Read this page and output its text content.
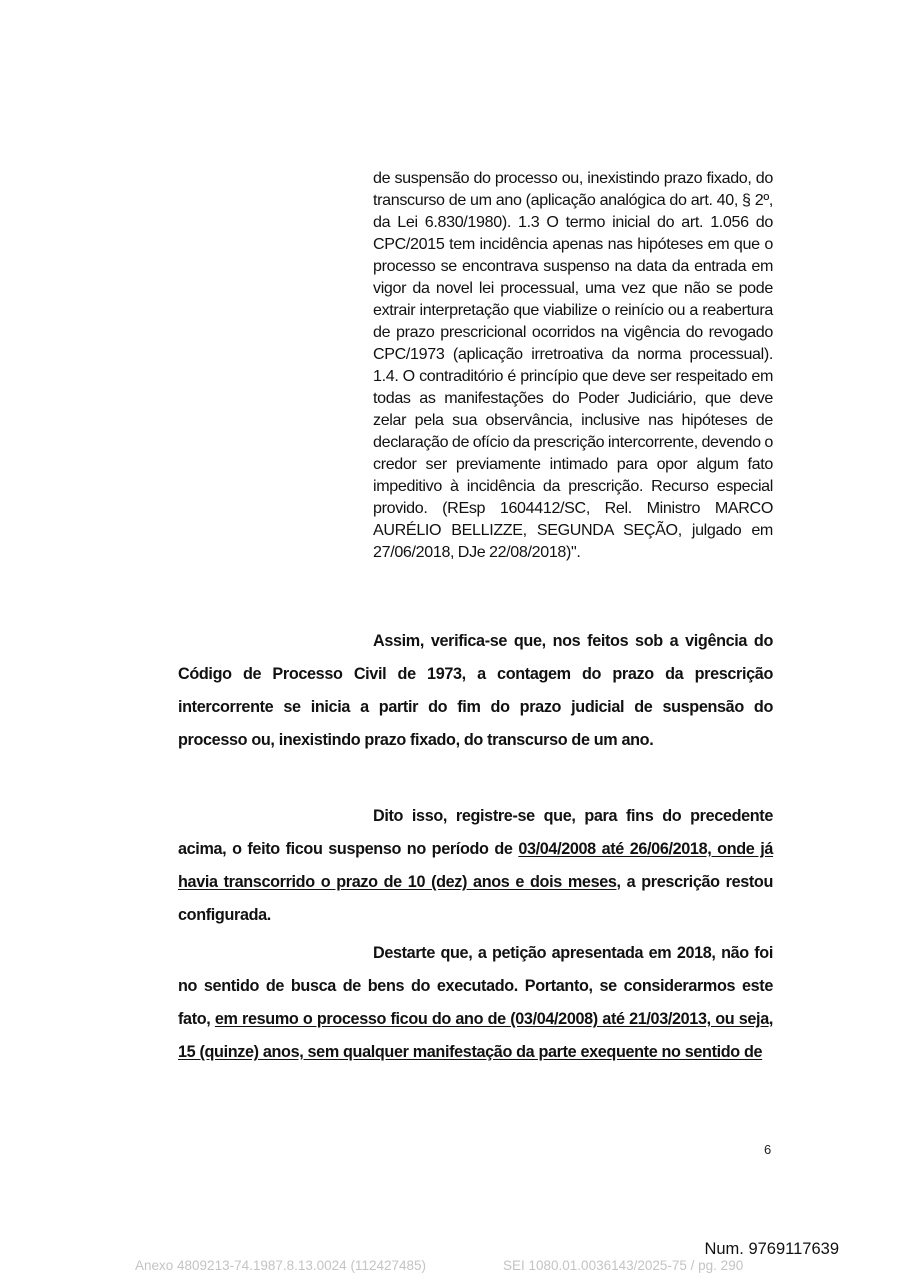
de suspensão do processo ou, inexistindo prazo fixado, do transcurso de um ano (aplicação analógica do art. 40, § 2º, da Lei 6.830/1980). 1.3 O termo inicial do art. 1.056 do CPC/2015 tem incidência apenas nas hipóteses em que o processo se encontrava suspenso na data da entrada em vigor da novel lei processual, uma vez que não se pode extrair interpretação que viabilize o reinício ou a reabertura de prazo prescricional ocorridos na vigência do revogado CPC/1973 (aplicação irretroativa da norma processual). 1.4. O contraditório é princípio que deve ser respeitado em todas as manifestações do Poder Judiciário, que deve zelar pela sua observância, inclusive nas hipóteses de declaração de ofício da prescrição intercorrente, devendo o credor ser previamente intimado para opor algum fato impeditivo à incidência da prescrição. Recurso especial provido. (REsp 1604412/SC, Rel. Ministro MARCO AURÉLIO BELLIZZE, SEGUNDA SEÇÃO, julgado em 27/06/2018, DJe 22/08/2018)".
Assim, verifica-se que, nos feitos sob a vigência do Código de Processo Civil de 1973, a contagem do prazo da prescrição intercorrente se inicia a partir do fim do prazo judicial de suspensão do processo ou, inexistindo prazo fixado, do transcurso de um ano.
Dito isso, registre-se que, para fins do precedente acima, o feito ficou suspenso no período de 03/04/2008 até 26/06/2018, onde já havia transcorrido o prazo de 10 (dez) anos e dois meses, a prescrição restou configurada.
Destarte que, a petição apresentada em 2018, não foi no sentido de busca de bens do executado. Portanto, se considerarmos este fato, em resumo o processo ficou do ano de (03/04/2008) até 21/03/2013, ou seja, 15 (quinze) anos, sem qualquer manifestação da parte exequente no sentido de
6
Num. 9769117639
Anexo 4809213-74.1987.8.13.0024 (112427485)	SEI 1080.01.0036143/2025-75 / pg. 290
